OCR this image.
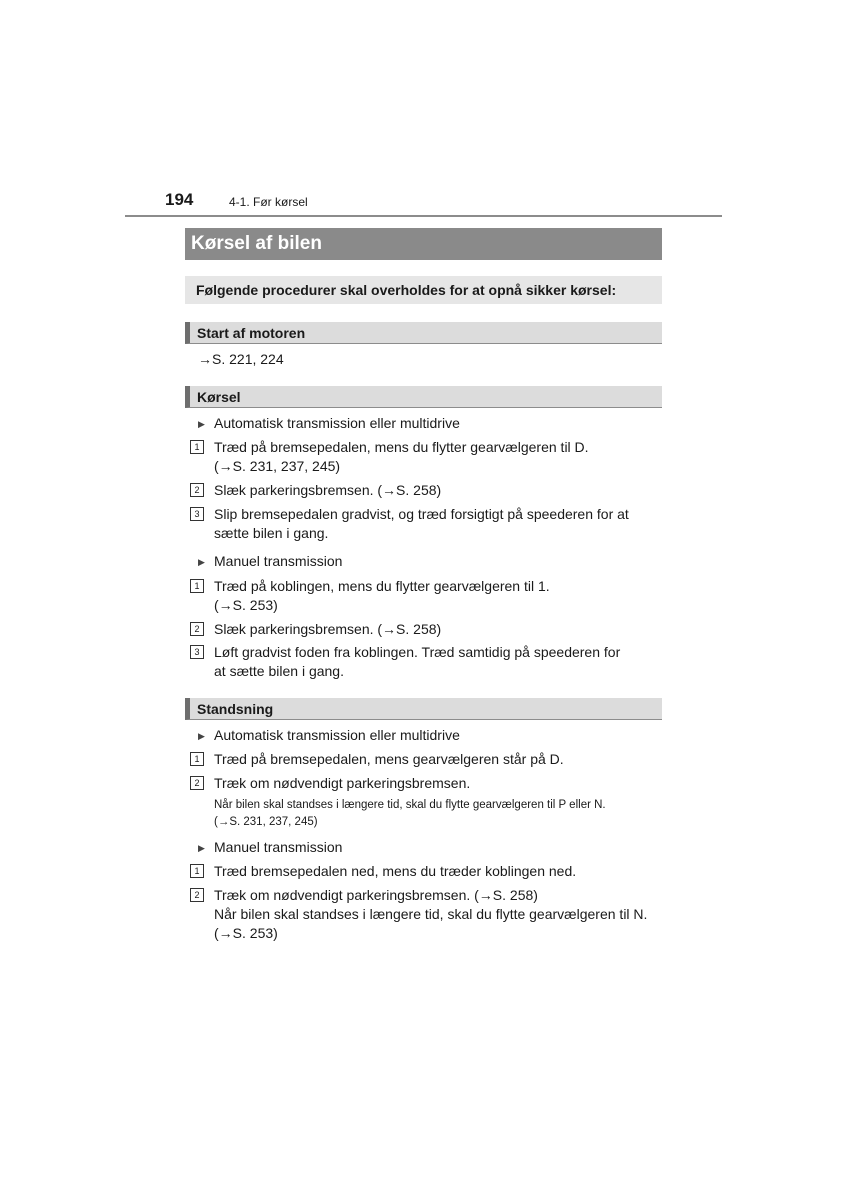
194	4-1. Før kørsel
Kørsel af bilen
Følgende procedurer skal overholdes for at opnå sikker kørsel:
Start af motoren
→S. 221, 224
Kørsel
▶ Automatisk transmission eller multidrive
1	Træd på bremsepedalen, mens du flytter gearvælgeren til D.
(→S. 231, 237, 245)
2	Slæk parkeringsbremsen. (→S. 258)
3	Slip bremsepedalen gradvist, og træd forsigtigt på speederen for at
sætte bilen i gang.
▶ Manuel transmission
1	Træd på koblingen, mens du flytter gearvælgeren til 1.
(→S. 253)
2	Slæk parkeringsbremsen. (→S. 258)
3	Løft gradvist foden fra koblingen. Træd samtidig på speederen for
at sætte bilen i gang.
Standsning
▶ Automatisk transmission eller multidrive
1	Træd på bremsepedalen, mens gearvælgeren står på D.
2	Træk om nødvendigt parkeringsbremsen.
Når bilen skal standses i længere tid, skal du flytte gearvælgeren til P eller N.
(→S. 231, 237, 245)
▶ Manuel transmission
1	Træd bremsepedalen ned, mens du træder koblingen ned.
2	Træk om nødvendigt parkeringsbremsen. (→S. 258)
Når bilen skal standses i længere tid, skal du flytte gearvælgeren til N.
(→S. 253)
